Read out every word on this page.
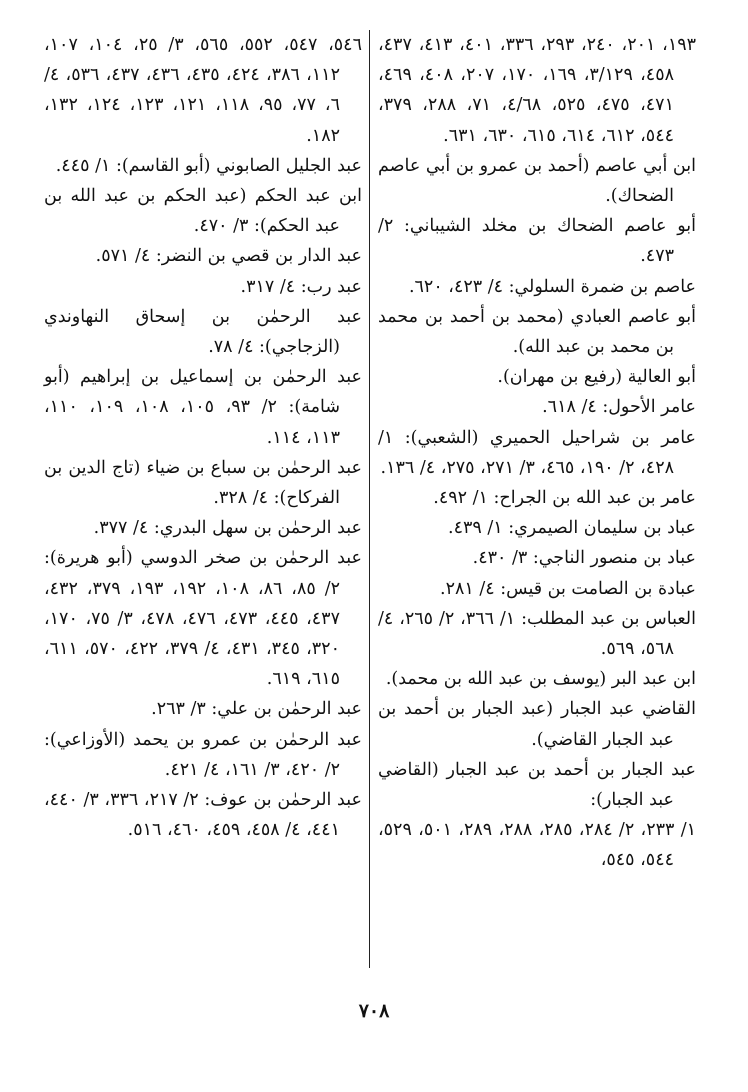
١٩٣، ٢٠١، ٢٤٠، ٢٩٣، ٣٣٦، ٤٠١، ٤١٣، ٤٣٧، ٤٥٨، ٣/١٢٩، ١٦٩، ١٧٠، ٢٠٧، ٤٠٨، ٤٦٩، ٤٧١، ٤٧٥، ٥٢٥، ٤/٦٨، ٧١، ٢٨٨، ٣٧٩، ٥٤٤، ٦١٢، ٦١٤، ٦١٥، ٦٣٠، ٦٣١.

ابن أبي عاصم (أحمد بن عمرو بن أبي عاصم الضحاك).

أبو عاصم الضحاك بن مخلد الشيباني: ٢/ ٤٧٣.

عاصم بن ضمرة السلولي: ٤/ ٤٢٣، ٦٢٠.

أبو عاصم العبادي (محمد بن أحمد بن محمد بن محمد بن عبد الله).

أبو العالية (رفيع بن مهران).

عامر الأحول: ٤/ ٦١٨.

عامر بن شراحيل الحميري (الشعبي): ١/ ٤٢٨، ٢/ ١٩٠، ٤٦٥، ٣/ ٢٧١، ٢٧٥، ٤/ ١٣٦.

عامر بن عبد الله بن الجراح: ١/ ٤٩٢.

عباد بن سليمان الصيمري: ١/ ٤٣٩.

عباد بن منصور الناجي: ٣/ ٤٣٠.

عبادة بن الصامت بن قيس: ٤/ ٢٨١.

العباس بن عبد المطلب: ١/ ٣٦٦، ٢/ ٢٦٥، ٤/ ٥٦٨، ٥٦٩.

ابن عبد البر (يوسف بن عبد الله بن محمد).

القاضي عبد الجبار (عبد الجبار بن أحمد بن عبد الجبار القاضي).

عبد الجبار بن أحمد بن عبد الجبار (القاضي عبد الجبار):

١/ ٢٣٣، ٢/ ٢٨٤، ٢٨٥، ٢٨٨، ٢٨٩، ٥٠١، ٥٢٩، ٥٤٤، ٥٤٥،

٥٤٦، ٥٤٧، ٥٥٢، ٥٦٥، ٣/ ٢٥، ١٠٤، ١٠٧، ١١٢، ٣٨٦، ٤٢٤، ٤٣٥، ٤٣٦، ٤٣٧، ٥٣٦، ٤/ ٦، ٧٧، ٩٥، ١١٨، ١٢١، ١٢٣، ١٢٤، ١٣٢، ١٨٢.

عبد الجليل الصابوني (أبو القاسم): ١/ ٤٤٥.

ابن عبد الحكم (عبد الحكم بن عبد الله بن عبد الحكم): ٣/ ٤٧٠.

عبد الدار بن قصي بن النضر: ٤/ ٥٧١.

عبد رب: ٤/ ٣١٧.

عبد الرحمٰن بن إسحاق النهاوندي (الزجاجي): ٤/ ٧٨.

عبد الرحمٰن بن إسماعيل بن إبراهيم (أبو شامة): ٢/ ٩٣، ١٠٥، ١٠٨، ١٠٩، ١١٠، ١١٣، ١١٤.

عبد الرحمٰن بن سباع بن ضياء (تاج الدين بن الفركاح): ٤/ ٣٢٨.

عبد الرحمٰن بن سهل البدري: ٤/ ٣٧٧.

عبد الرحمٰن بن صخر الدوسي (أبو هريرة): ٢/ ٨٥، ٨٦، ١٠٨، ١٩٢، ١٩٣، ٣٧٩، ٤٣٢، ٤٣٧، ٤٤٥، ٤٧٣، ٤٧٦، ٤٧٨، ٣/ ٧٥، ١٧٠، ٣٢٠، ٣٤٥، ٤٣١، ٤/ ٣٧٩، ٤٢٢، ٥٧٠، ٦١١، ٦١٥، ٦١٩.

عبد الرحمٰن بن علي: ٣/ ٢٦٣.

عبد الرحمٰن بن عمرو بن يحمد (الأوزاعي): ٢/ ٤٢٠، ٣/ ١٦١، ٤/ ٤٢١.

عبد الرحمٰن بن عوف: ٢/ ٢١٧، ٣٣٦، ٣/ ٤٤٠، ٤٤١، ٤/ ٤٥٨، ٤٥٩، ٤٦٠، ٥١٦.

٧٠٨
